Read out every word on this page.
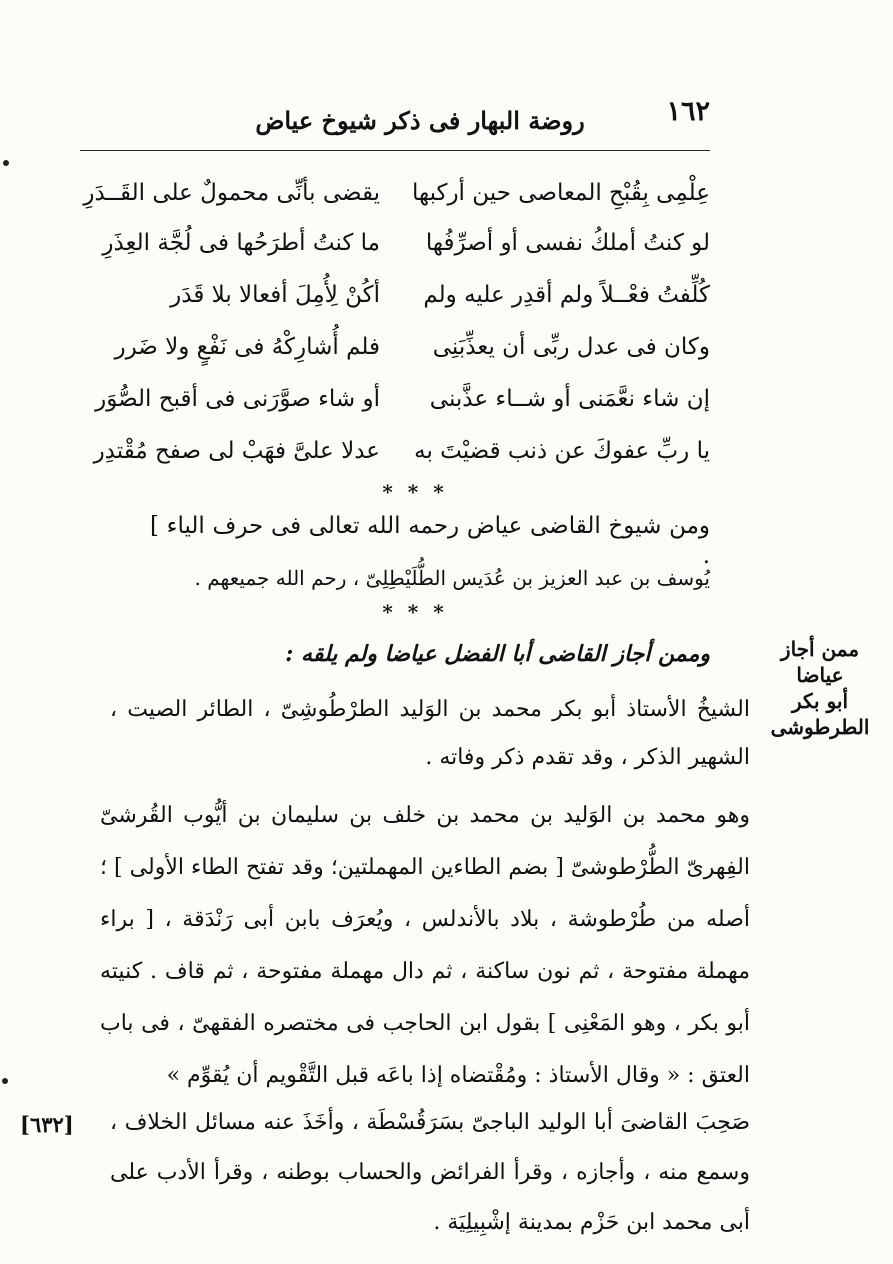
١٦٢
روضة البهار فى ذكر شيوخ عياض
عِلْمِى بِقُبْحِ المعاصى حين أركبها
يقضى بأنِّى محمولٌ على القَــدَرِ
لو كنتُ أملكُ نفسى أو أصرِّفُها
ما كنتُ أطرَحُها فى لُجَّة العِذَرِ
كُلِّفتُ فعْــلاً ولم أقدِر عليه ولم
أكُنْ لِأُمِلَ أفعالا بلا قَدَر
وكان فى عدل ربِّى أن يعذِّبَنِى
فلم أُشارِكْهُ فى نَفْعٍ ولا ضَرر
إن شاء نعَّمَنى أو شــاء عذَّبنى
أو شاء صوَّرَنى فى أقبح الصُّوَر
يا ربِّ عفوكَ عن ذنب قضيْتَ به
عدلا علىَّ فهَبْ لى صفح مُقْتدِر
* * *
ومن شيوخ القاضى عياض رحمه الله تعالى فى حرف الياء ] .
يُوسف بن عبد العزيز بن عُدَيس الطُّلَيْطِلِىّ ، رحم الله جميعهم .
* * *
وممن أجاز القاضى أبا الفضل عياضا ولم يلقه :	ممن أجاز عياضا
أبو بكر
الطرطوشى
الشيخُ الأستاذ أبو بكر محمد بن الوَليد الطرْطُوشِىّ ، الطائر الصيت ، الشهير الذكر ، وقد تقدم ذكر وفاته .
وهو محمد بن الوَليد بن محمد بن خلف بن سليمان بن أيُّوب القُرشىّ الفِهرىّ الطُّرْطوشىّ [ بضم الطاءين المهملتين؛ وقد تفتح الطاء الأولى ] ؛أصله من طُرْطوشة ، بلاد بالأندلس ، ويُعرَف بابن أبى رَنْدَقة ، [ براء مهملة مفتوحة ، ثم نون ساكنة ، ثم دال مهملة مفتوحة ، ثم قاف . كنيته أبو بكر ، وهو المَعْنِى ] بقول ابن الحاجب فى مختصره الفقهىّ ، فى باب العتق : « وقال الأستاذ : ومُقْتضاه إذا باعَه قبل التَّقْويم أن يُقوِّم »
[٦٣٢]	صَحِبَ القاضىَ أبا الوليد الباجىّ بسَرَقُسْطَة ، وأخَذَ عنه مسائل الخلاف ، وسمع منه ، وأجازه ، وقرأ الفرائض والحساب بوطنه ، وقرأ الأدب على أبى محمد ابن حَزْم بمدينة إشْبِيلِيَة .
